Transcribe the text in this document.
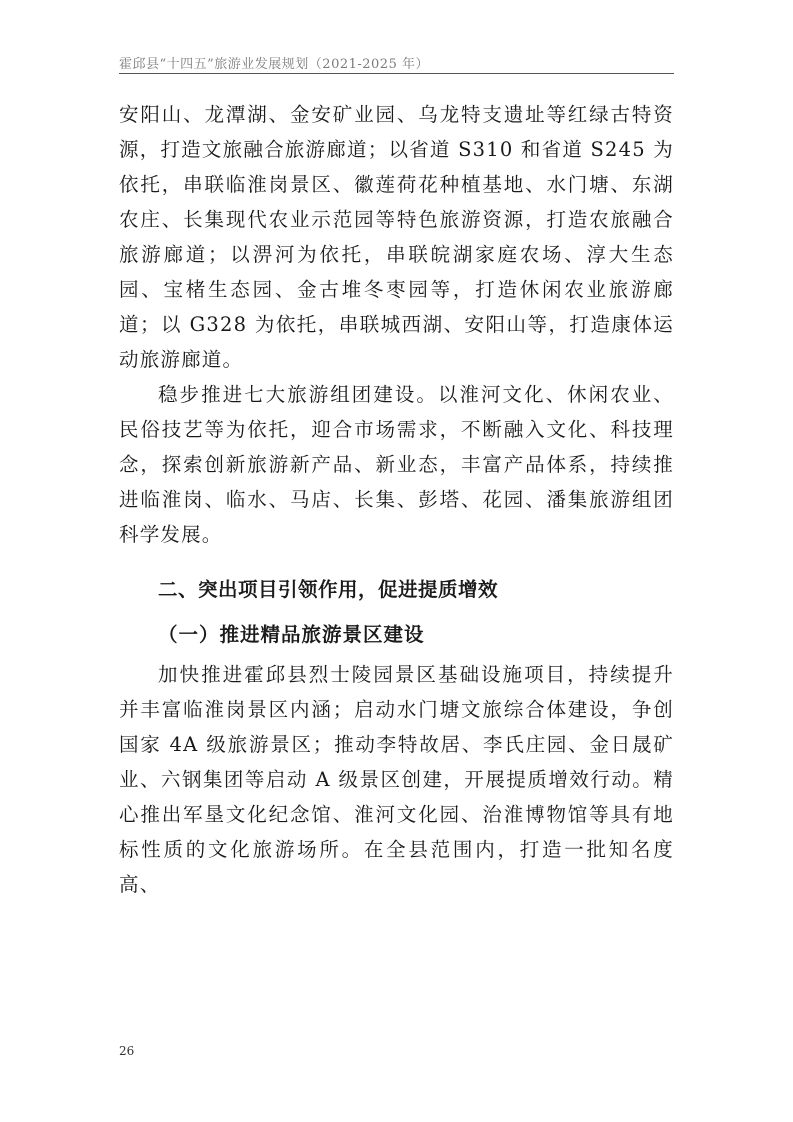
霍邱县“十四五”旅游业发展规划（2021-2025 年）

安阳山、龙潭湖、金安矿业园、乌龙特支遗址等红绿古特资源，打造文旅融合旅游廊道；以省道 S310 和省道 S245 为依托，串联临淮岗景区、徽莲荷花种植基地、水门塘、东湖农庄、长集现代农业示范园等特色旅游资源，打造农旅融合旅游廊道；以淠河为依托，串联皖湖家庭农场、淳大生态园、宝楮生态园、金古堆冬枣园等，打造休闲农业旅游廊道；以 G328 为依托，串联城西湖、安阳山等，打造康体运动旅游廊道。

稳步推进七大旅游组团建设。以淮河文化、休闲农业、民俗技艺等为依托，迎合市场需求，不断融入文化、科技理念，探索创新旅游新产品、新业态，丰富产品体系，持续推进临淮岗、临水、马店、长集、彭塔、花园、潘集旅游组团科学发展。

二、突出项目引领作用，促进提质增效
（一）推进精品旅游景区建设

加快推进霍邱县烈士陵园景区基础设施项目，持续提升并丰富临淮岗景区内涵；启动水门塘文旅综合体建设，争创国家 4A 级旅游景区；推动李特故居、李氏庄园、金日晟矿业、六钢集团等启动 A 级景区创建，开展提质增效行动。精心推出军垦文化纪念馆、淮河文化园、治淮博物馆等具有地标性质的文化旅游场所。在全县范围内，打造一批知名度高、

26
